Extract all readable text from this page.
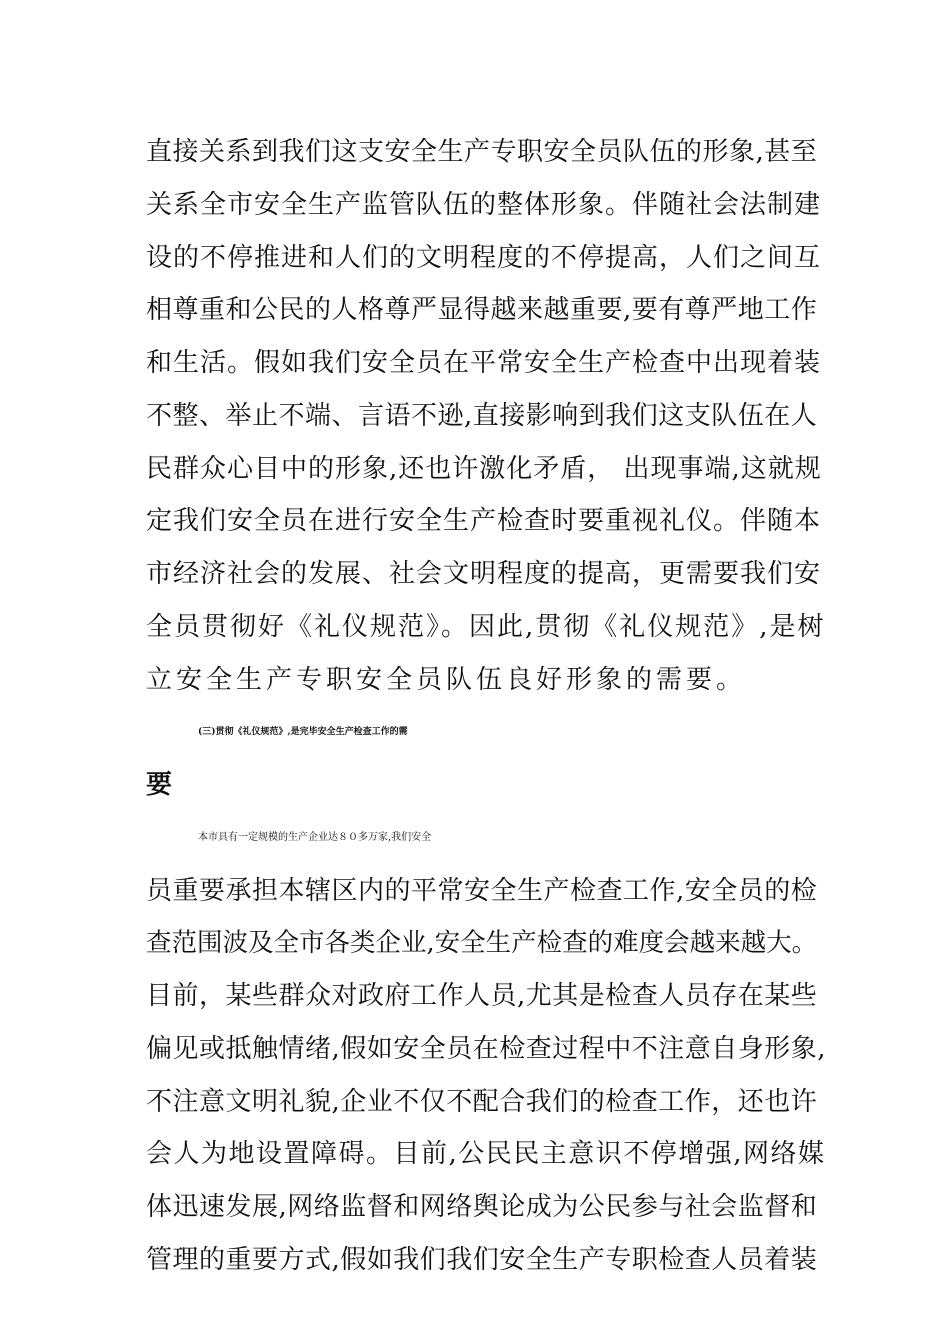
直接关系到我们这支安全生产专职安全员队伍的形象,甚至
关系全市安全生产监管队伍的整体形象。伴随社会法制建
设的不停推进和人们的文明程度的不停提高，人们之间互
相尊重和公民的人格尊严显得越来越重要,要有尊严地工作
和生活。假如我们安全员在平常安全生产检查中出现着装
不整、举止不端、言语不逊,直接影响到我们这支队伍在人
民群众心目中的形象,还也许激化矛盾， 出现事端,这就规
定我们安全员在进行安全生产检查时要重视礼仪。伴随本
市经济社会的发展、社会文明程度的提高，更需要我们安
全员贯彻好《礼仪规范》。因此,贯彻《礼仪规范》,是树
立安全生产专职安全员队伍良好形象的需要。
(三)贯彻《礼仪规范》,是完毕安全生产检查工作的需
要
本市具有一定规模的生产企业达８０多万家,我们安全
员重要承担本辖区内的平常安全生产检查工作,安全员的检
查范围波及全市各类企业,安全生产检查的难度会越来越大。
目前，某些群众对政府工作人员,尤其是检查人员存在某些
偏见或抵触情绪,假如安全员在检查过程中不注意自身形象,
不注意文明礼貌,企业不仅不配合我们的检查工作，还也许
会人为地设置障碍。目前,公民民主意识不停增强,网络媒
体迅速发展,网络监督和网络舆论成为公民参与社会监督和
管理的重要方式,假如我们我们安全生产专职检查人员着装
